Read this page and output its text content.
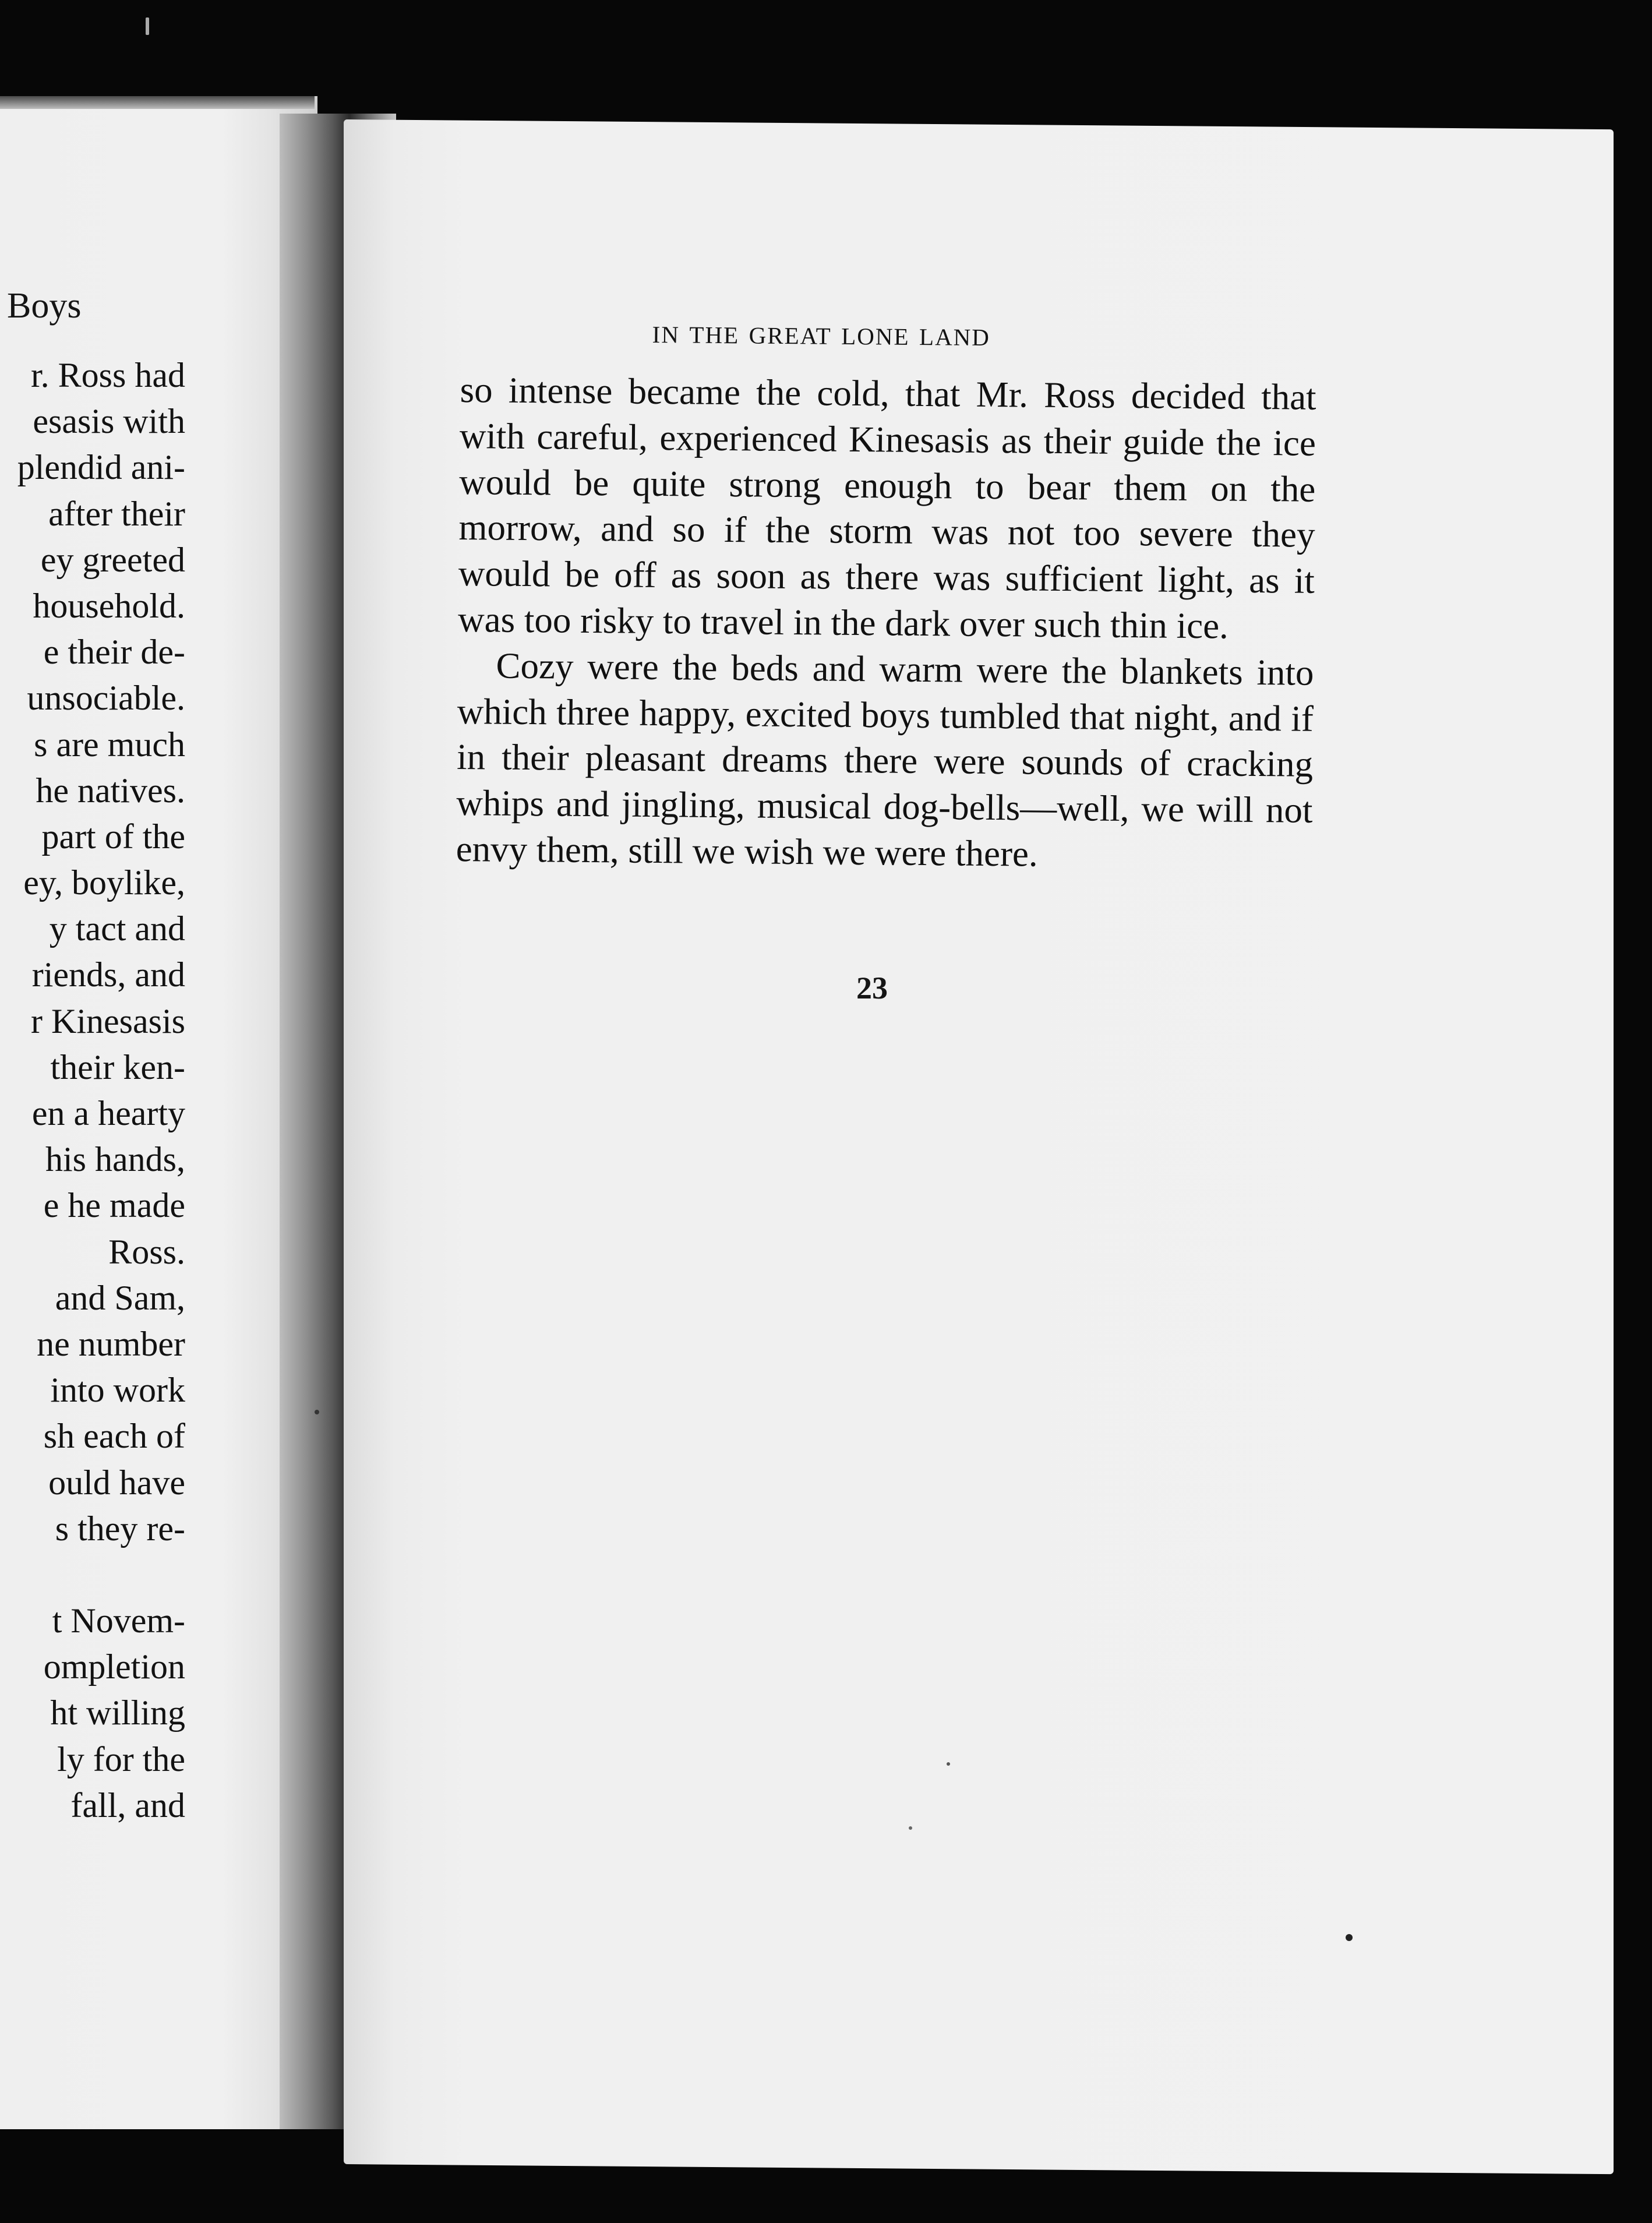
Boys
r. Ross had
esasis with
plendid ani-
after their
ey greeted
household.
e their de-
unsociable.
s are much
he natives.
part of the
ey, boylike,
y tact and
riends, and
r Kinesasis
their ken-
en a hearty
his hands,
e he made
Ross.
and Sam,
ne number
into work
sh each of
ould have
s they re-
t Novem-
ompletion
ht willing
ly for the
fall, and
in the great lone land

so intense became the cold, that Mr. Ross decided that with careful, experienced Kinesasis as their guide the ice would be quite strong enough to bear them on the morrow, and so if the storm was not too severe they would be off as soon as there was sufficient light, as it was too risky to travel in the dark over such thin ice.

Cozy were the beds and warm were the blankets into which three happy, excited boys tumbled that night, and if in their pleasant dreams there were sounds of cracking whips and jingling, musical dog-bells—well, we will not envy them, still we wish we were there.

23
